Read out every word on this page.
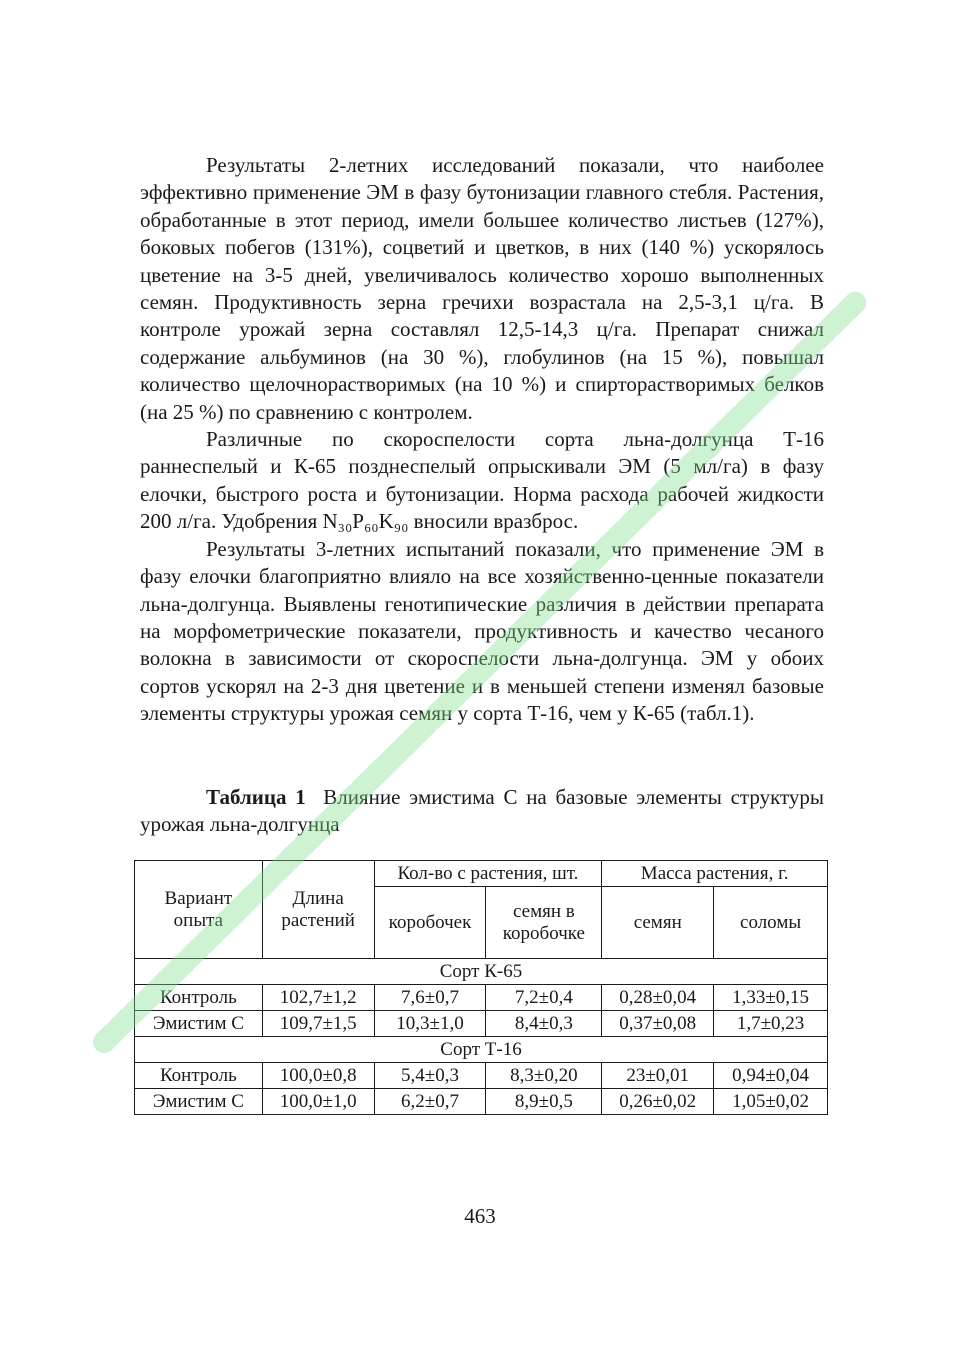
Результаты 2-летних исследований показали, что наиболее эффективно применение ЭМ в фазу бутонизации главного стебля. Растения, обработанные в этот период, имели большее количество листьев (127%), боковых побегов (131%), соцветий и цветков, в них (140 %) ускорялось цветение на 3-5 дней, увеличивалось количество хорошо выполненных семян. Продуктивность зерна гречихи возрастала на 2,5-3,1 ц/га. В контроле урожай зерна составлял 12,5-14,3 ц/га. Препарат снижал содержание альбуминов (на 30 %), глобулинов (на 15 %), повышал количество щелочнорастворимых (на 10 %) и спирторастворимых белков (на 25 %) по сравнению с контролем.

Различные по скороспелости сорта льна-долгунца Т-16 раннеспелый и К-65 позднеспелый опрыскивали ЭМ (5 мл/га) в фазу елочки, быстрого роста и бутонизации. Норма расхода рабочей жидкости 200 л/га. Удобрения N₃₀P₆₀K₉₀ вносили вразброс.

Результаты 3-летних испытаний показали, что применение ЭМ в фазу елочки благоприятно влияло на все хозяйственно-ценные показатели льна-долгунца. Выявлены генотипические различия в действии препарата на морфометрические показатели, продуктивность и качество чесаного волокна в зависимости от скороспелости льна-долгунца. ЭМ у обоих сортов ускорял на 2-3 дня цветение и в меньшей степени изменял базовые элементы структуры урожая семян у сорта Т-16, чем у К-65 (табл.1).

Таблица 1 Влияние эмистима С на базовые элементы структуры урожая льна-долгунца

Вариант опыта	Длина растений	Кол-во с растения, шт.		Масса растения, г.	
		коробочек	семян в коробочке	семян	соломы
Сорт К-65					
Контроль	102,7±1,2	7,6±0,7	7,2±0,4	0,28±0,04	1,33±0,15
Эмистим С	109,7±1,5	10,3±1,0	8,4±0,3	0,37±0,08	1,7±0,23
Сорт Т-16					
Контроль	100,0±0,8	5,4±0,3	8,3±0,20	23±0,01	0,94±0,04
Эмистим С	100,0±1,0	6,2±0,7	8,9±0,5	0,26±0,02	1,05±0,02
463
